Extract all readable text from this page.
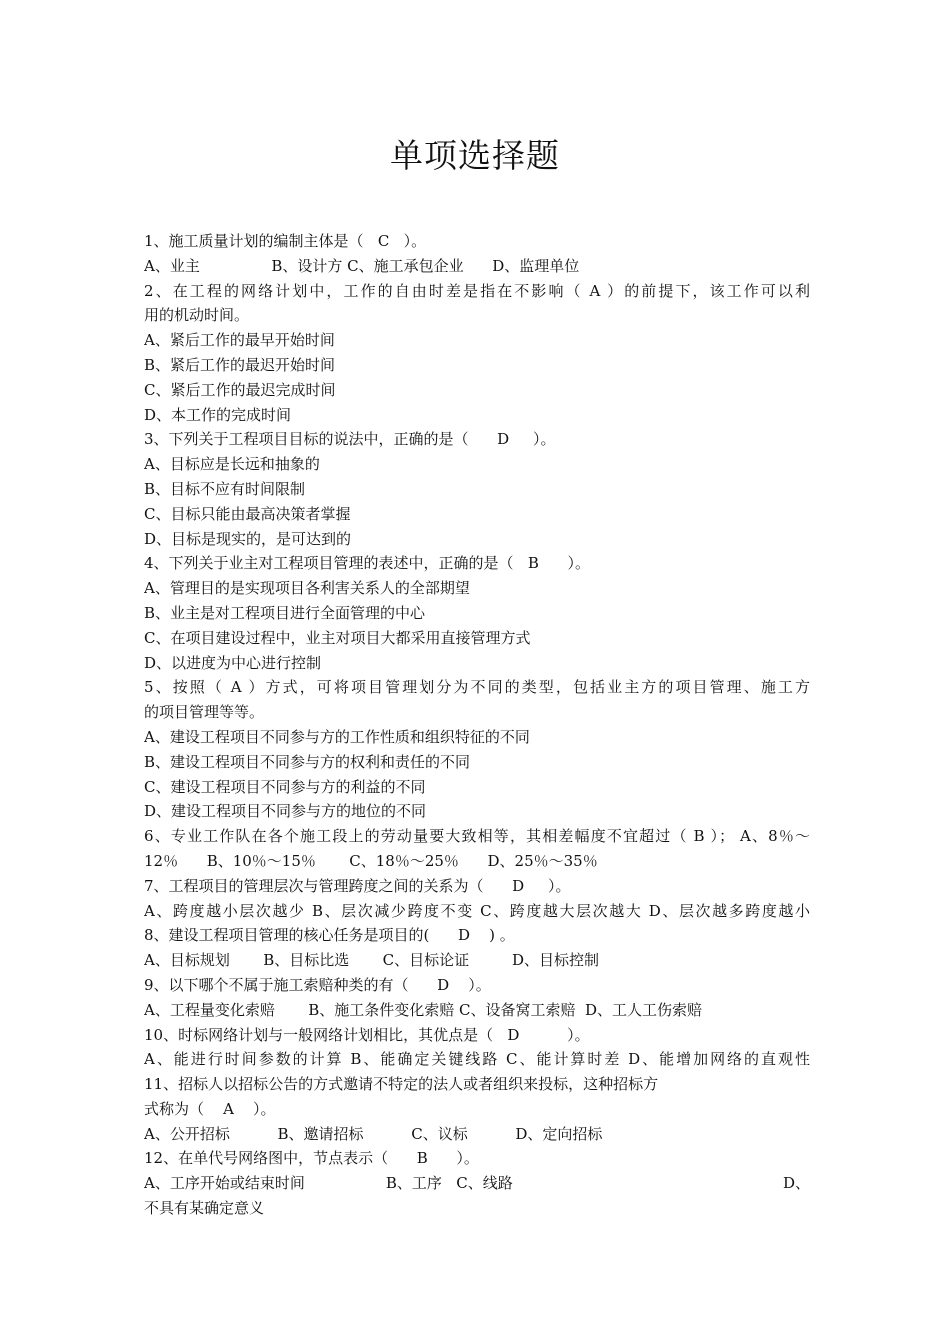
单项选择题
1、施工质量计划的编制主体是（   C   ）。
A、业主               B、设计方 C、施工承包企业      D、监理单位
2、在工程的网络计划中，工作的自由时差是指在不影响（ A ）的前提下，该工作可以利
用的机动时间。
A、紧后工作的最早开始时间
B、紧后工作的最迟开始时间
C、紧后工作的最迟完成时间
D、本工作的完成时间
3、下列关于工程项目目标的说法中，正确的是（      D     ）。
A、目标应是长远和抽象的
B、目标不应有时间限制
C、目标只能由最高决策者掌握
D、目标是现实的，是可达到的
4、下列关于业主对工程项目管理的表述中，正确的是（   B      ）。
A、管理目的是实现项目各利害关系人的全部期望
B、业主是对工程项目进行全面管理的中心
C、在项目建设过程中，业主对项目大都采用直接管理方式
D、以进度为中心进行控制
5、按照（ A ）方式，可将项目管理划分为不同的类型，包括业主方的项目管理、施工方
的项目管理等等。
A、建设工程项目不同参与方的工作性质和组织特征的不同
B、建设工程项目不同参与方的权利和责任的不同
C、建设工程项目不同参与方的利益的不同
D、建设工程项目不同参与方的地位的不同
6、专业工作队在各个施工段上的劳动量要大致相等，其相差幅度不宜超过（ B ）； A、8％～
12％      B、10％～15％       C、18％～25％      D、25％～35％
7、工程项目的管理层次与管理跨度之间的关系为（      D     ）。
A、跨度越小层次越少 B、层次减少跨度不变 C、跨度越大层次越大 D、层次越多跨度越小
8、建设工程项目管理的核心任务是项目的(      D    ) 。
A、目标规划       B、目标比选       C、目标论证         D、目标控制
9、以下哪个不属于施工索赔种类的有（      D    ）。
A、工程量变化索赔       B、施工条件变化索赔 C、设备窝工索赔  D、工人工伤索赔
10、时标网络计划与一般网络计划相比，其优点是（   D          ）。
A、能进行时间参数的计算 B、能确定关键线路 C、能计算时差 D、能增加网络的直观性
11、招标人以招标公告的方式邀请不特定的法人或者组织来投标，这种招标方
式称为（    A    ）。
A、公开招标          B、邀请招标          C、议标          D、定向招标
12、在单代号网络图中，节点表示（      B      ）。
A、工序开始或结束时间                 B、工序   C、线路	D、
不具有某确定意义
